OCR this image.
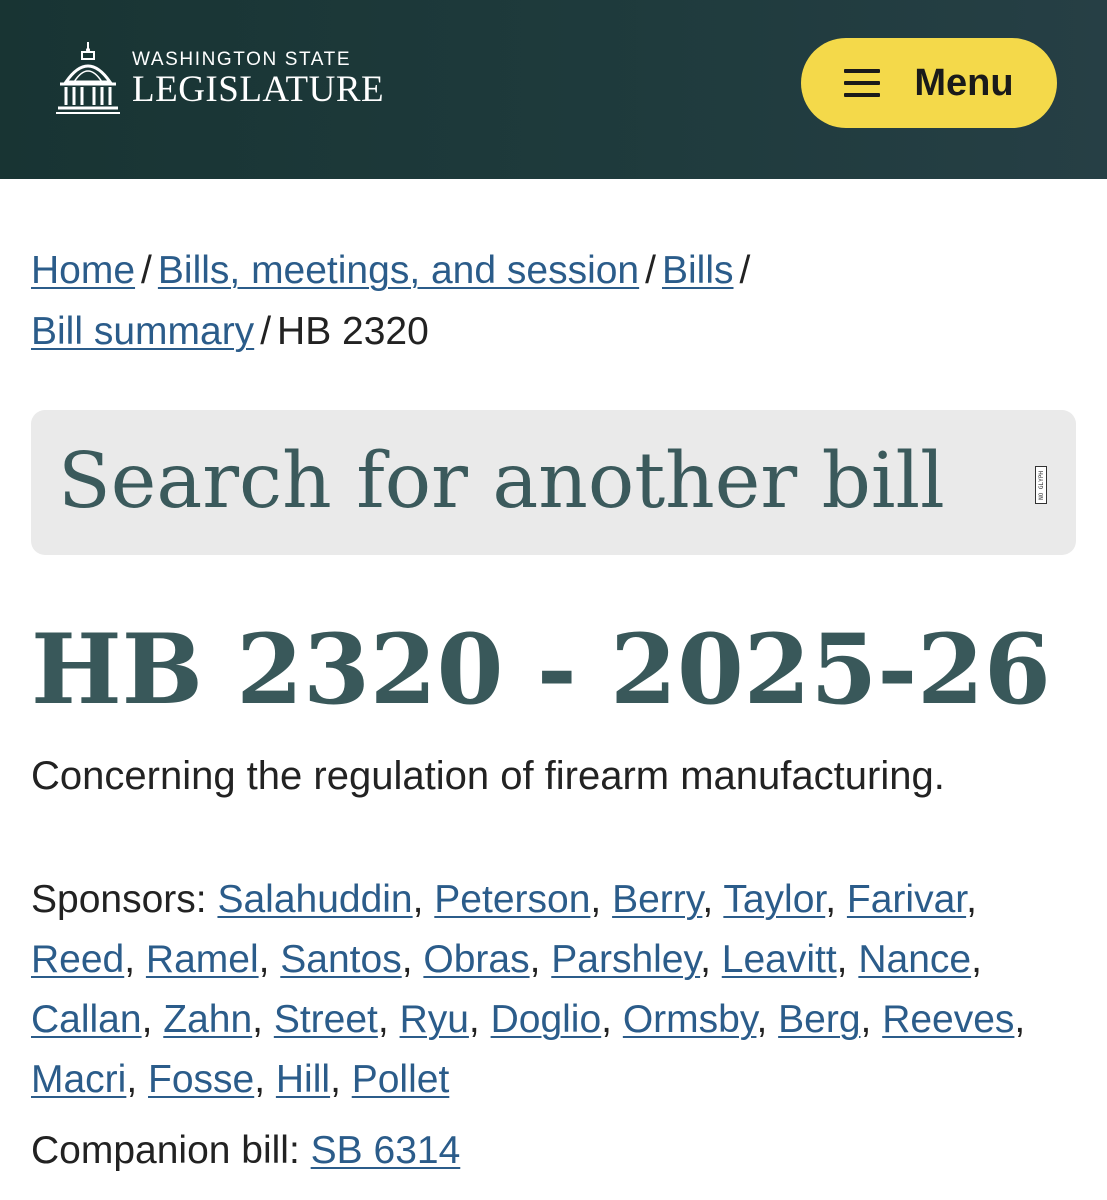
WASHINGTON STATE
LEGISLATURE	Menu
Home / Bills, meetings, and session / Bills /
Bill summary / HB 2320
Search for another bill	NO GLYPH
HB 2320 - 2025-26
Concerning the regulation of firearm manufacturing.
Sponsors: Salahuddin, Peterson, Berry, Taylor, Farivar, Reed, Ramel, Santos, Obras, Parshley, Leavitt, Nance, Callan, Zahn, Street, Ryu, Doglio, Ormsby, Berg, Reeves, Macri, Fosse, Hill, Pollet
Companion bill: SB 6314
